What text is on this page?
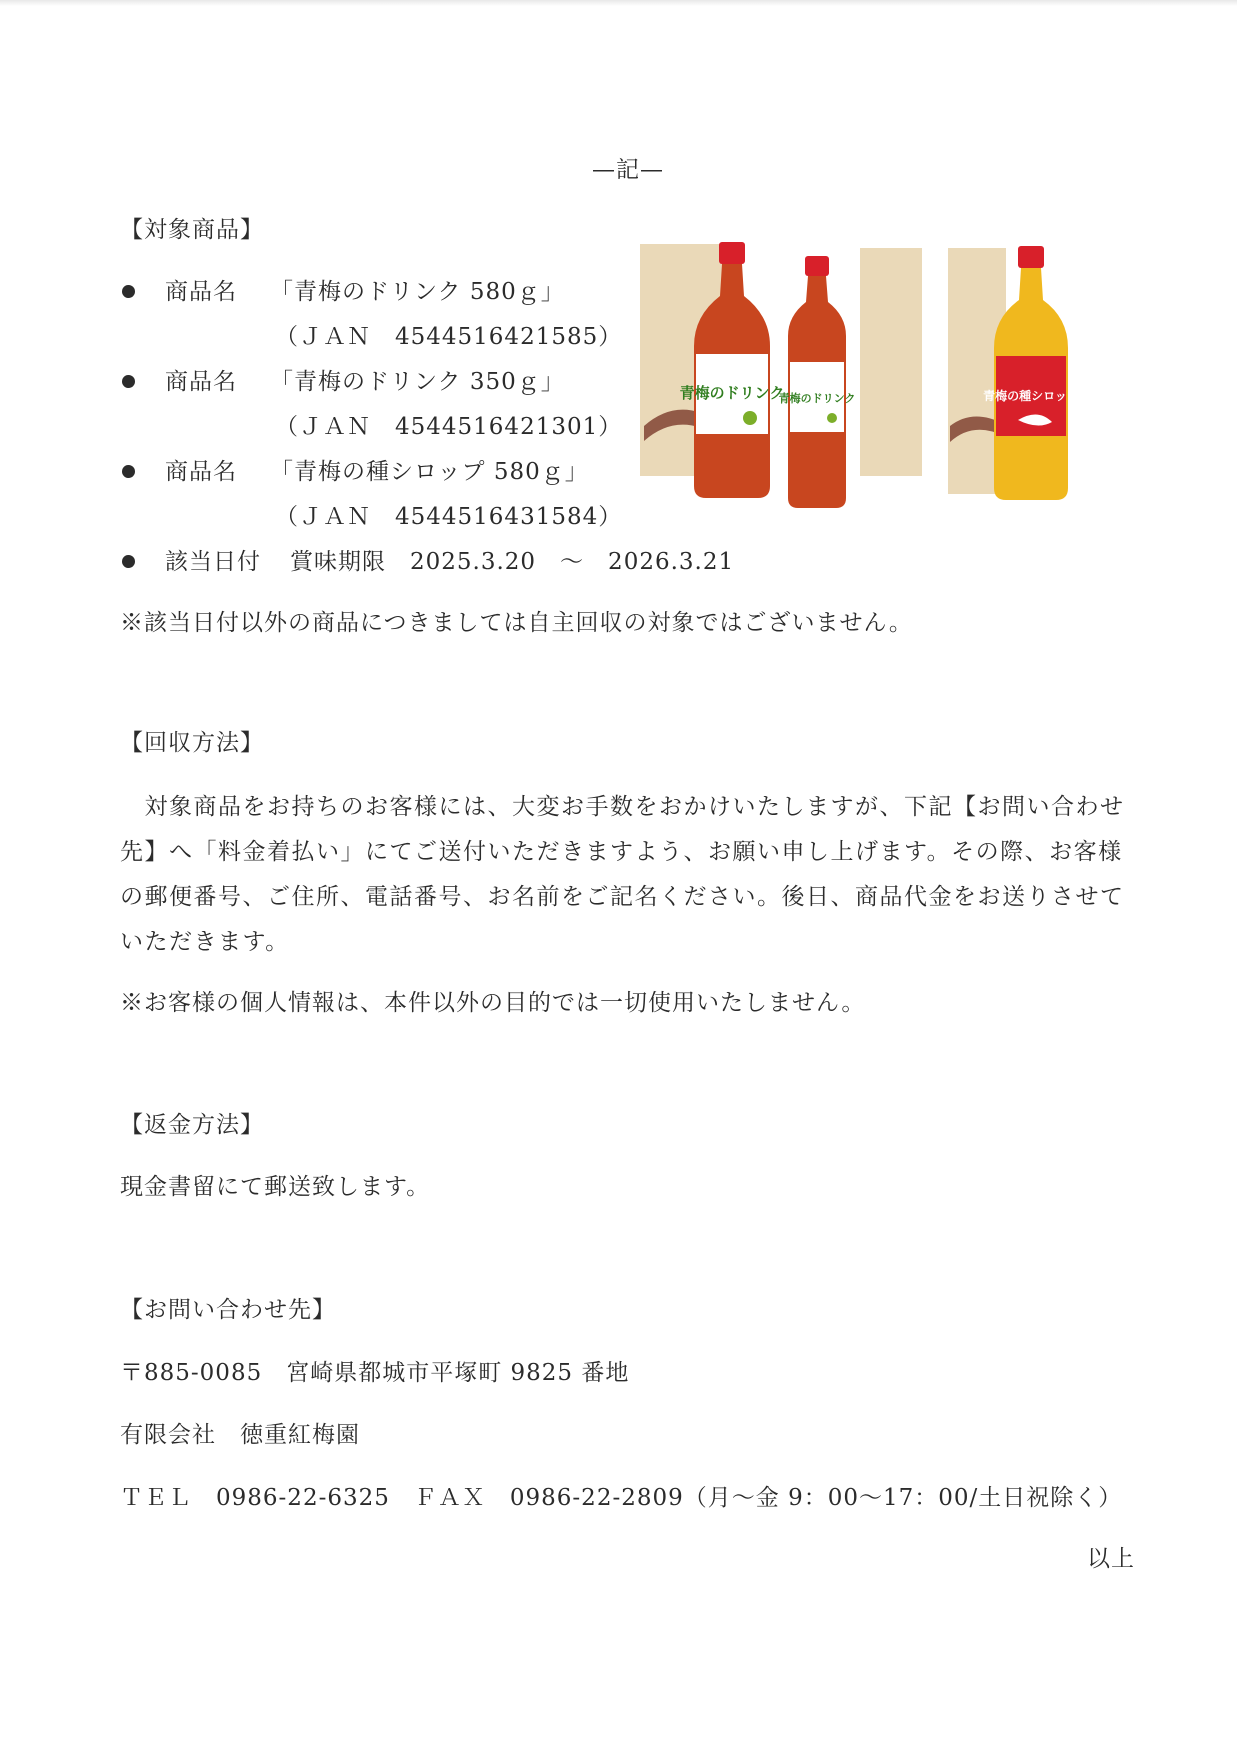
—記—
【対象商品】
商品名 「青梅のドリンク 580ｇ」
（ＪＡＮ　4544516421585）
商品名 「青梅のドリンク 350ｇ」
（ＪＡＮ　4544516421301）
商品名 「青梅の種シロップ 580ｇ」
（ＪＡＮ　4544516431584）
該当日付 賞味期限　2025.3.20　～　2026.3.21
※該当日付以外の商品につきましては自主回収の対象ではございません。
青梅のドリンク
青梅のドリンク	青梅の種シロップ
【回収方法】
　対象商品をお持ちのお客様には、大変お手数をおかけいたしますが、下記【お問い合わせ先】へ「料金着払い」にてご送付いただきますよう、お願い申し上げます。その際、お客様の郵便番号、ご住所、電話番号、お名前をご記名ください。後日、商品代金をお送りさせていただきます。
※お客様の個人情報は、本件以外の目的では一切使用いたしません。
【返金方法】
現金書留にて郵送致します。
【お問い合わせ先】
〒885-0085　宮崎県都城市平塚町 9825 番地
有限会社　徳重紅梅園
ＴＥＬ　0986-22-6325　ＦＡＸ　0986-22-2809（月～金 9：00～17：00/土日祝除く）
以上
